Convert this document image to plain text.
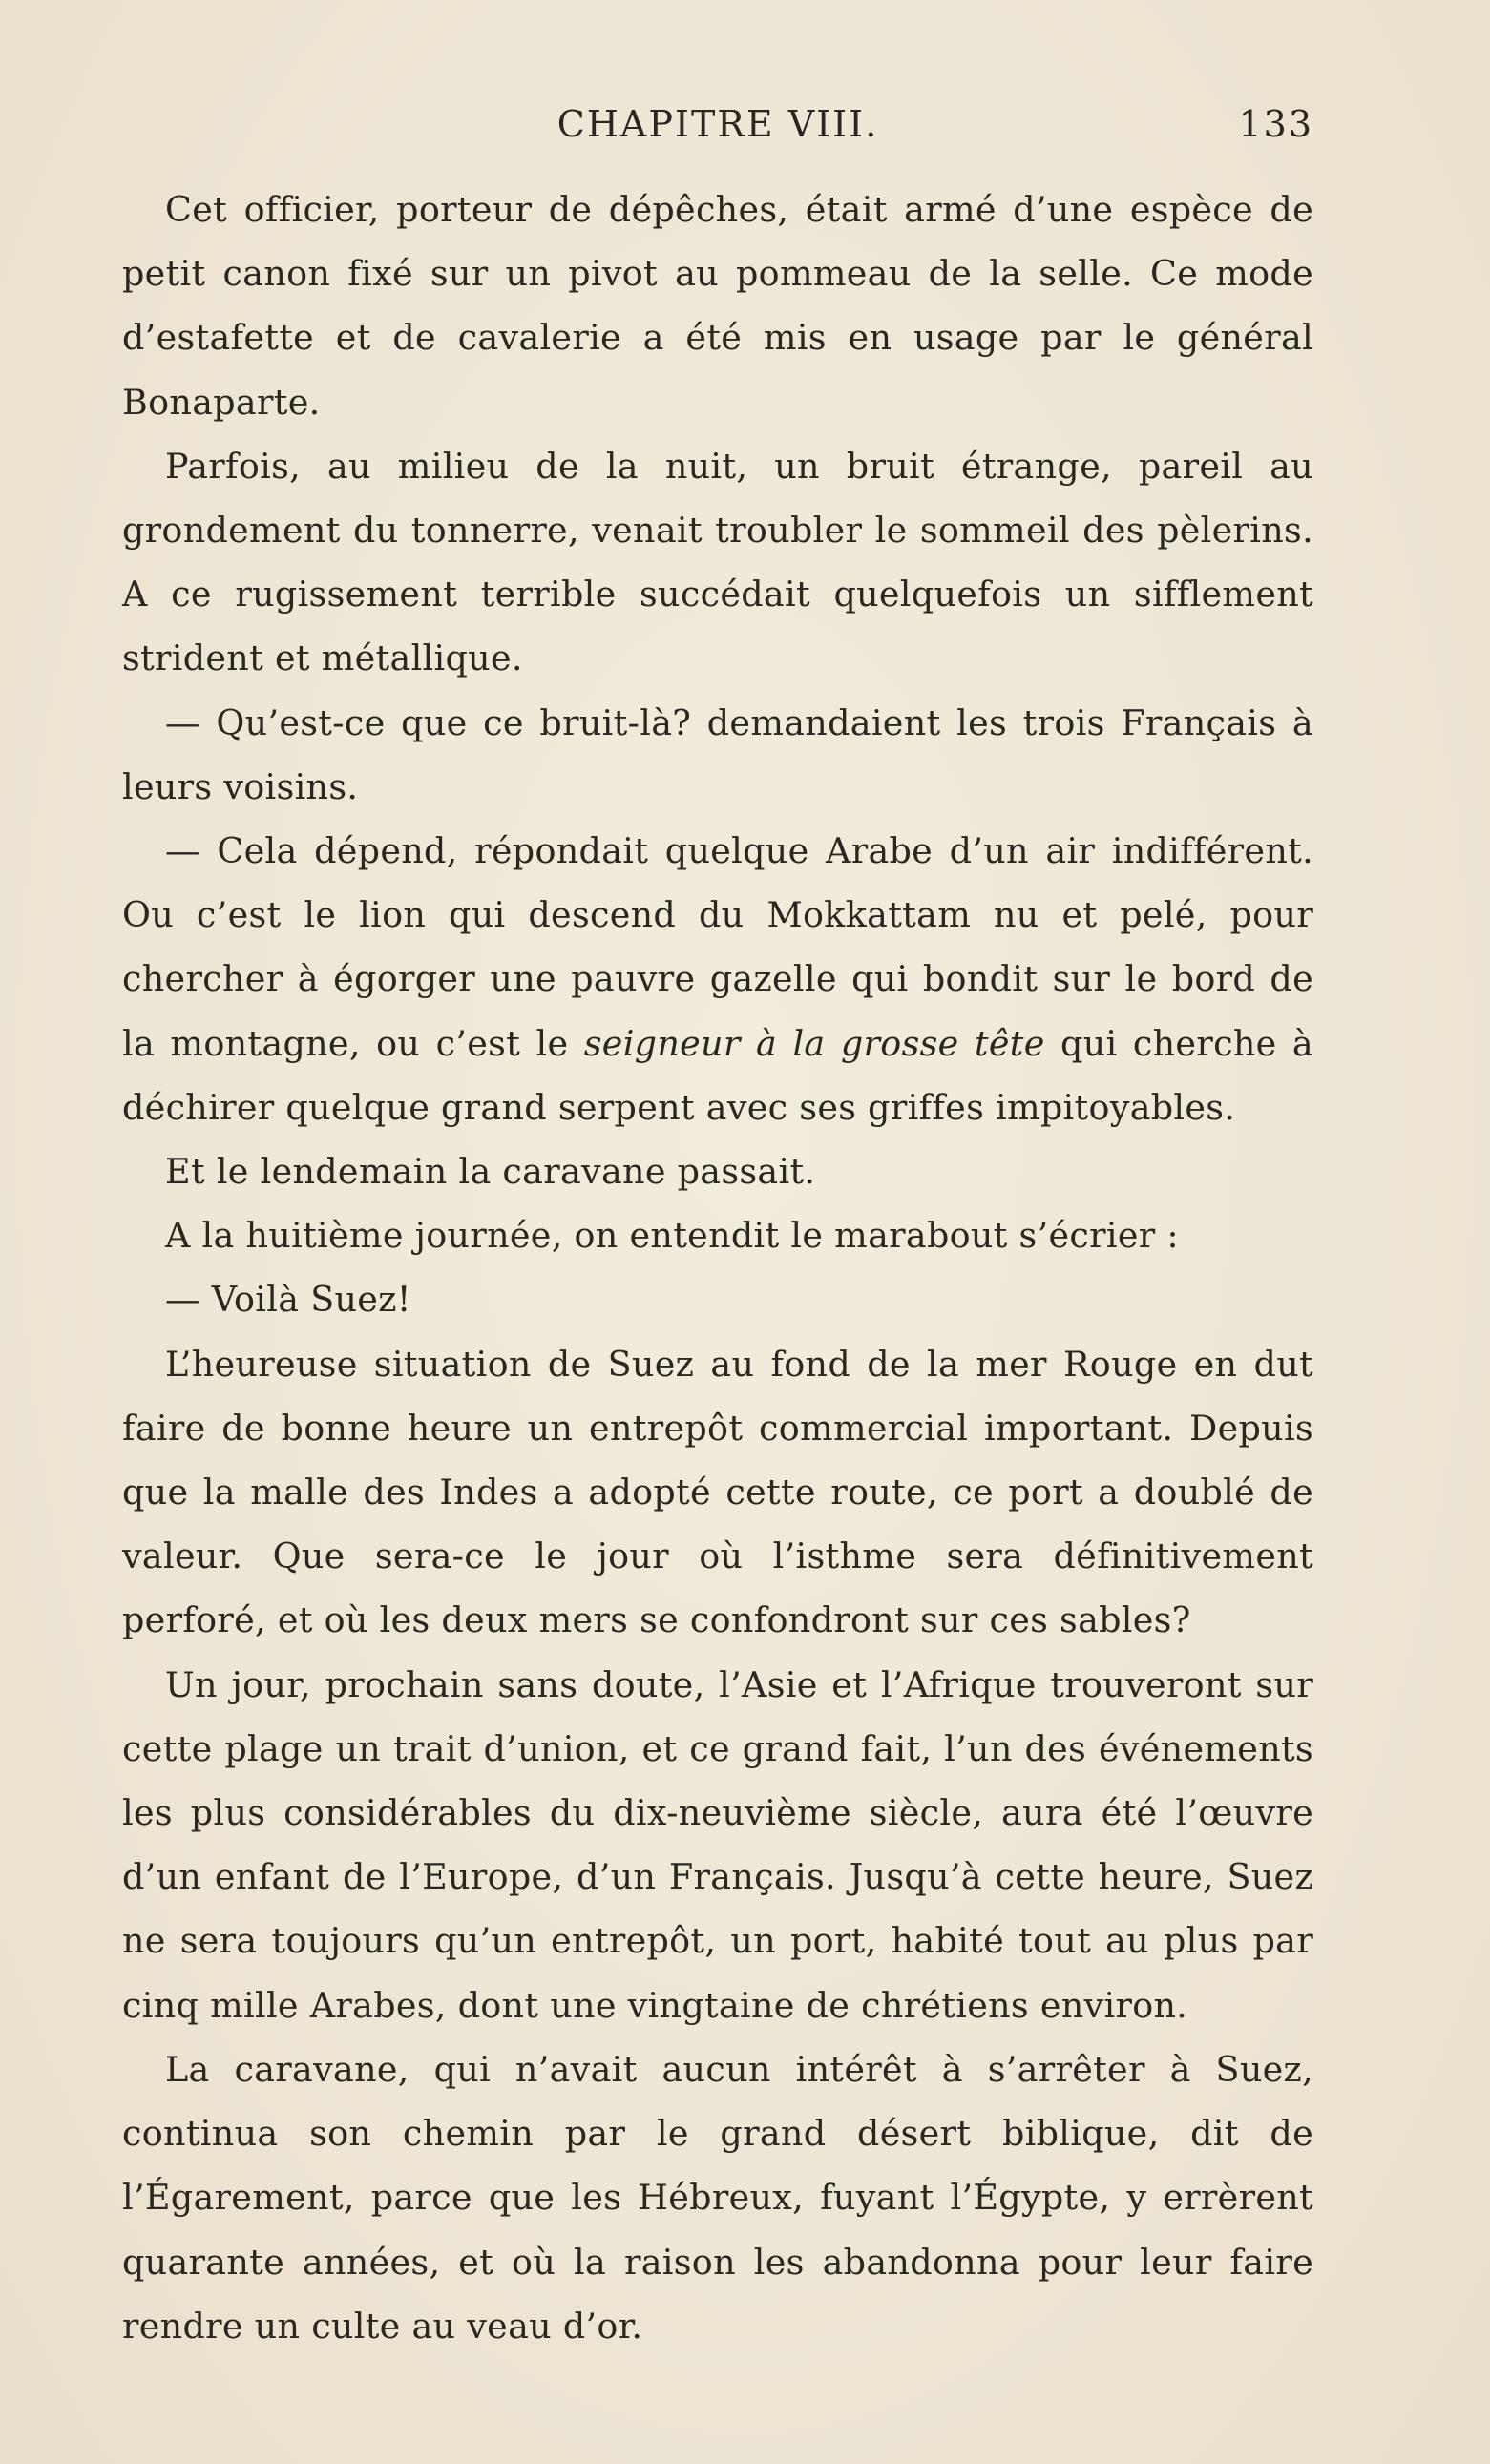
CHAPITRE VIII.	133

Cet officier, porteur de dépêches, était armé d’une espèce de petit canon fixé sur un pivot au pommeau de la selle. Ce mode d’estafette et de cavalerie a été mis en usage par le général Bonaparte.

Parfois, au milieu de la nuit, un bruit étrange, pareil au grondement du tonnerre, venait troubler le sommeil des pèlerins. A ce rugissement terrible succédait quelquefois un sifflement strident et métallique.

— Qu’est-ce que ce bruit-là? demandaient les trois Français à leurs voisins.

— Cela dépend, répondait quelque Arabe d’un air indifférent. Ou c’est le lion qui descend du Mokkattam nu et pelé, pour chercher à égorger une pauvre gazelle qui bondit sur le bord de la montagne, ou c’est le seigneur à la grosse tête qui cherche à déchirer quelque grand serpent avec ses griffes impitoyables.

Et le lendemain la caravane passait.

A la huitième journée, on entendit le marabout s’écrier :

— Voilà Suez!

L’heureuse situation de Suez au fond de la mer Rouge en dut faire de bonne heure un entrepôt commercial important. Depuis que la malle des Indes a adopté cette route, ce port a doublé de valeur. Que sera-ce le jour où l’isthme sera définitivement perforé, et où les deux mers se confondront sur ces sables?

Un jour, prochain sans doute, l’Asie et l’Afrique trouveront sur cette plage un trait d’union, et ce grand fait, l’un des événements les plus considérables du dix-neuvième siècle, aura été l’œuvre d’un enfant de l’Europe, d’un Français. Jusqu’à cette heure, Suez ne sera toujours qu’un entrepôt, un port, habité tout au plus par cinq mille Arabes, dont une vingtaine de chrétiens environ.

La caravane, qui n’avait aucun intérêt à s’arrêter à Suez, continua son chemin par le grand désert biblique, dit de l’Égarement, parce que les Hébreux, fuyant l’Égypte, y errèrent quarante années, et où la raison les abandonna pour leur faire rendre un culte au veau d’or.
